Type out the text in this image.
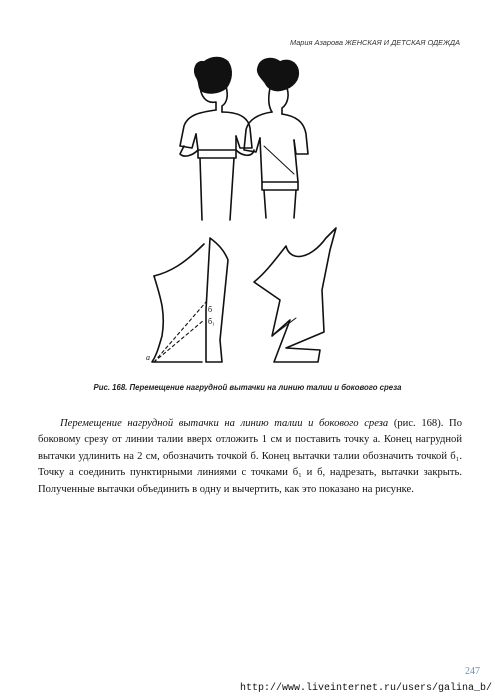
Мария Азарова ЖЕНСКАЯ И ДЕТСКАЯ ОДЕЖДА
a
б
б₁
Рис. 168. Перемещение нагрудной вытачки на линию талии и бокового среза

Перемещение нагрудной вытачки на линию талии и бокового среза (рис. 168). По боковому срезу от линии талии вверх отложить 1 см и поставить точку а. Конец нагрудной вытачки удлинить на 2 см, обозначить точкой б. Конец вытачки талии обозначить точкой б₁. Точку а соединить пунктирными линиями с точками б₁ и б, надрезать, вытачки закрыть. Полученные вытачки объединить в одну и вычертить, как это показано на рисунке.

247
http://www.liveinternet.ru/users/galina_b/
